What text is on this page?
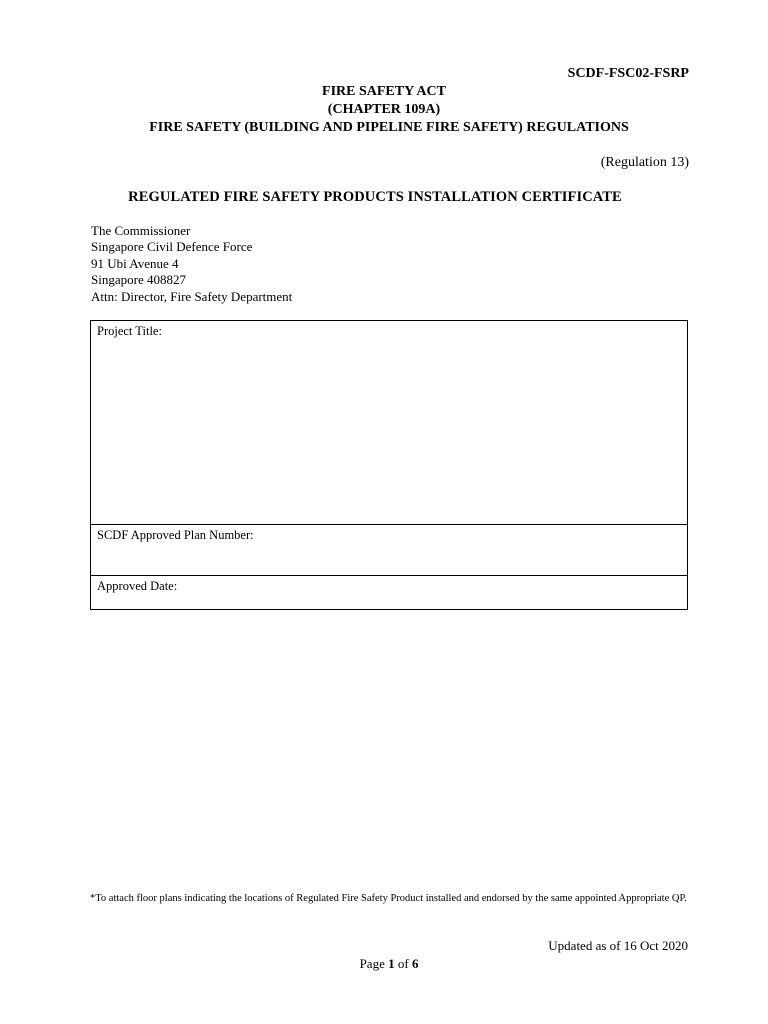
SCDF-FSC02-FSRP
FIRE SAFETY ACT
(CHAPTER 109A)
FIRE SAFETY (BUILDING AND PIPELINE FIRE SAFETY) REGULATIONS
(Regulation 13)
REGULATED FIRE SAFETY PRODUCTS INSTALLATION CERTIFICATE
The Commissioner
Singapore Civil Defence Force
91 Ubi Avenue 4
Singapore 408827
Attn: Director, Fire Safety Department
Project Title:
SCDF Approved Plan Number:
Approved Date:
*To attach floor plans indicating the locations of Regulated Fire Safety Product installed and endorsed by the same appointed Appropriate QP.
Updated as of 16 Oct 2020
Page 1 of 6
